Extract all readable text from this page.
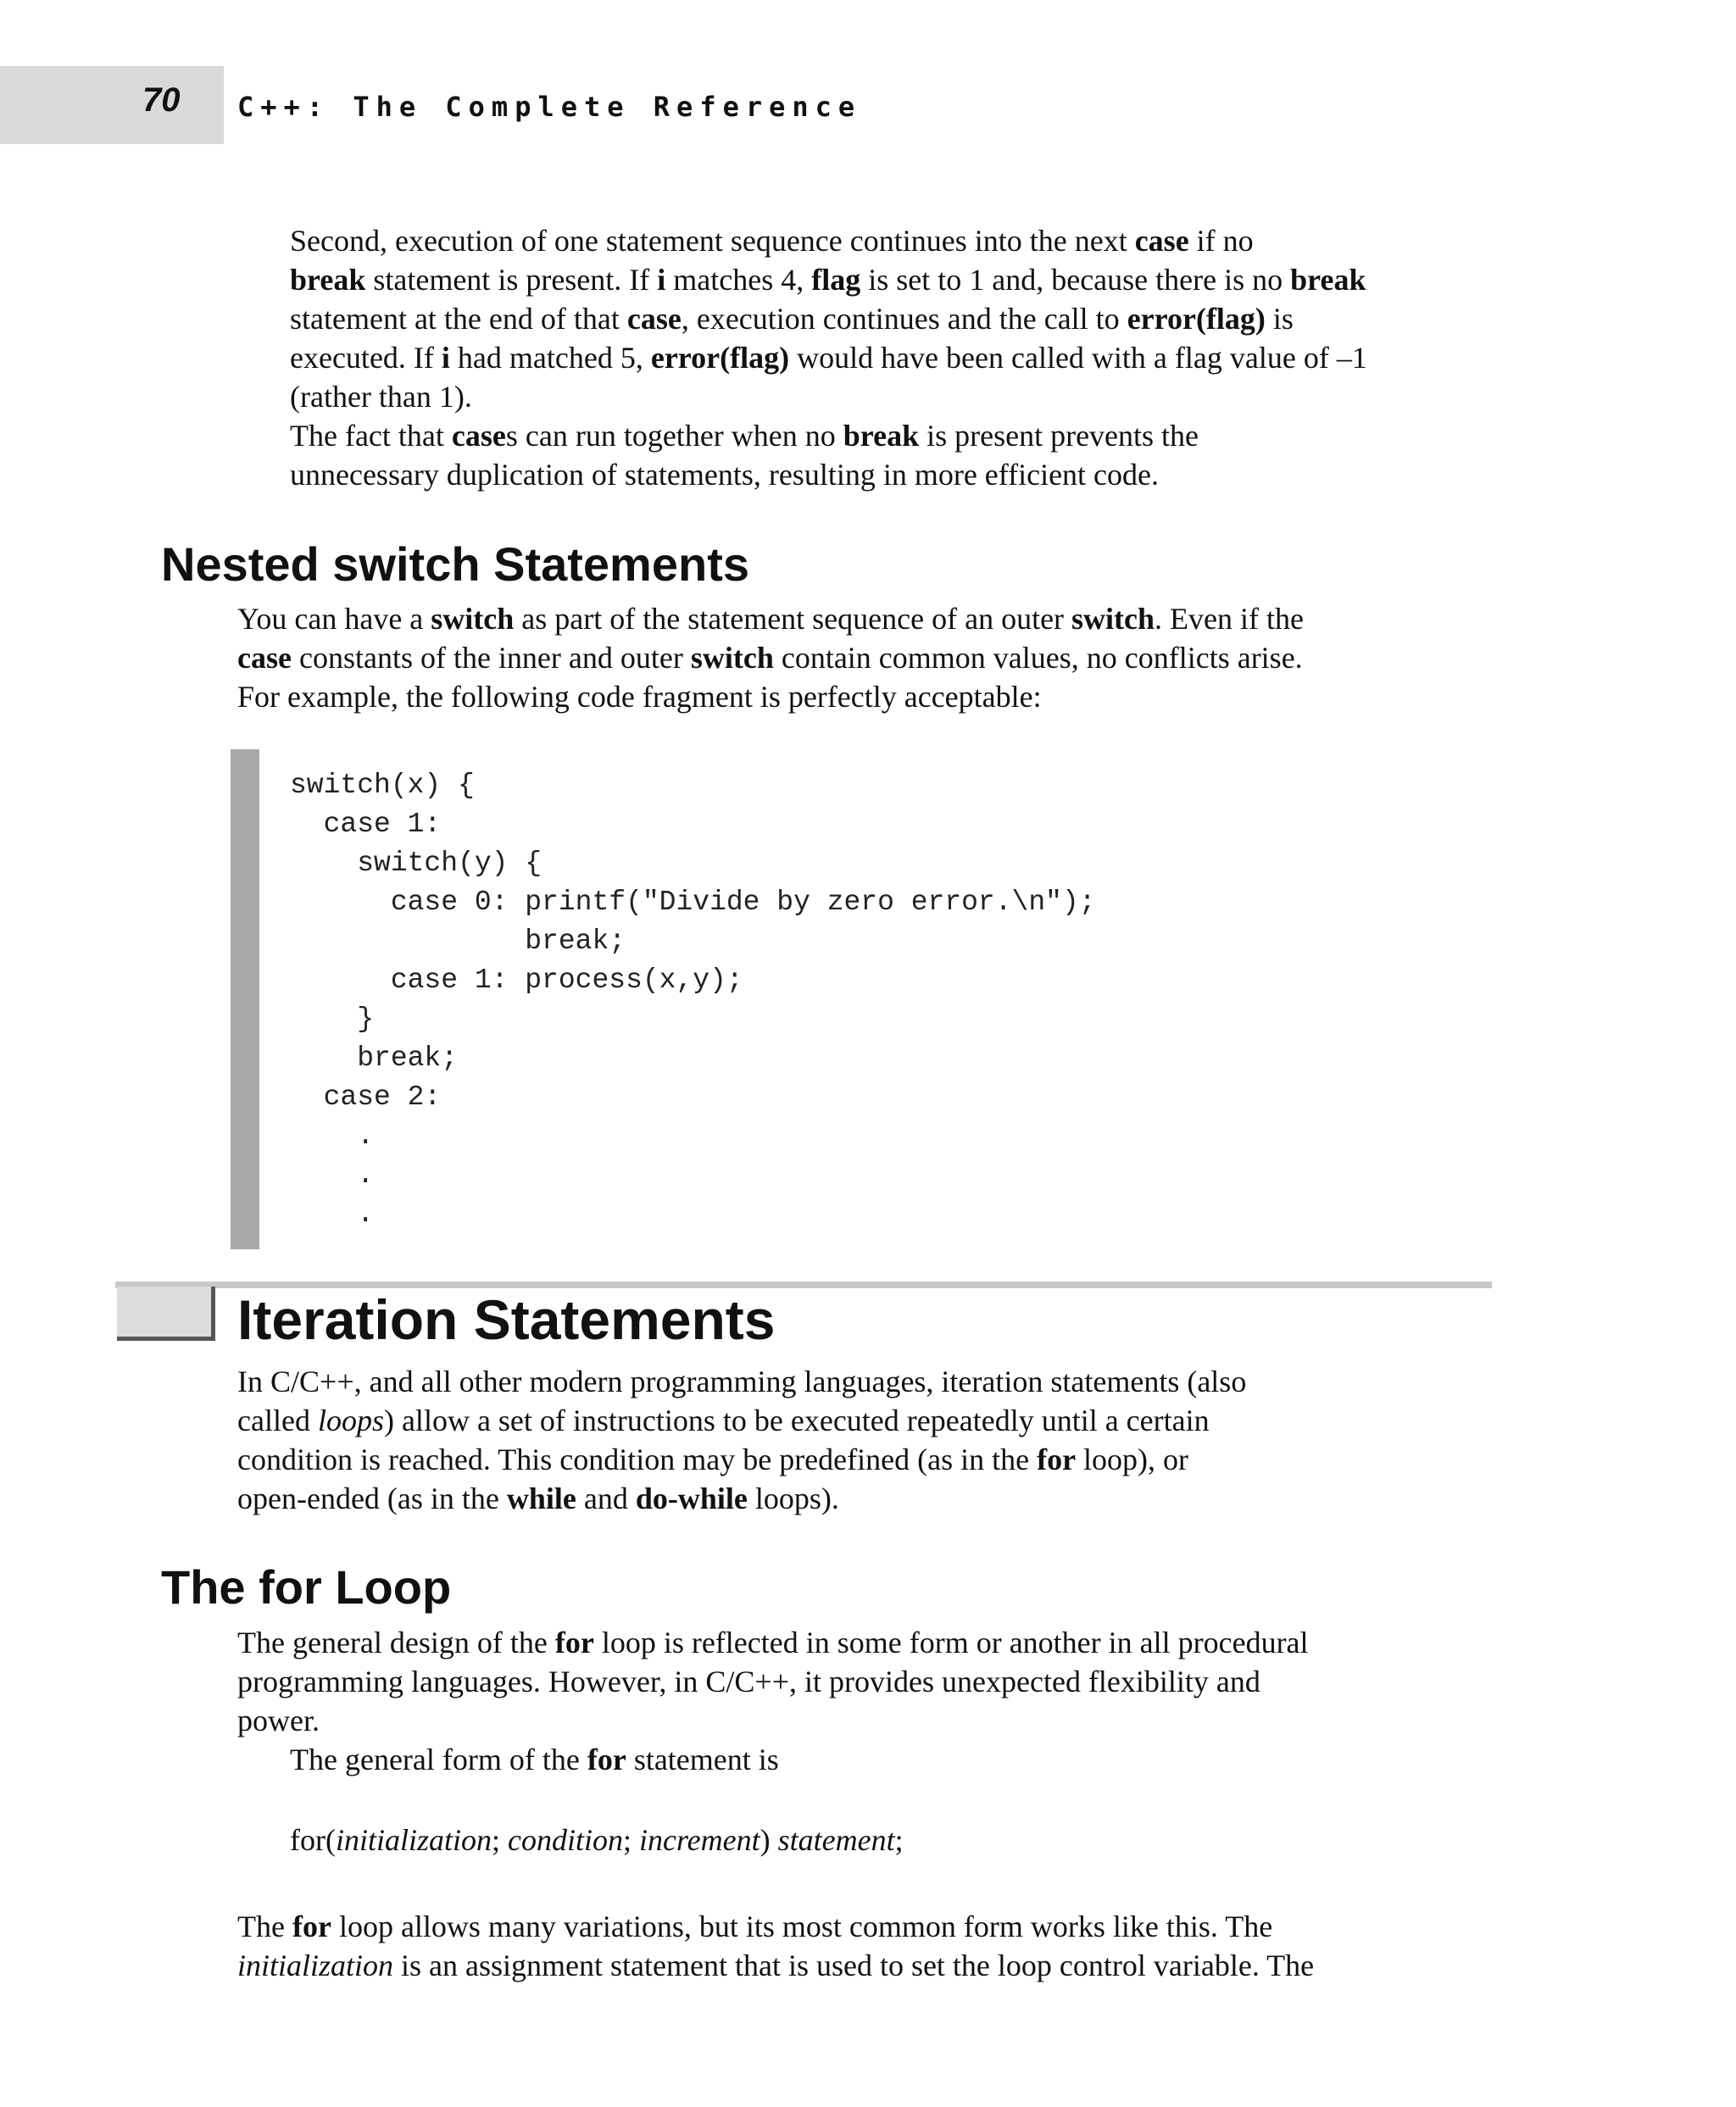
70 C++: The Complete Reference

Second, execution of one statement sequence continues into the next case if no
break statement is present. If i matches 4, flag is set to 1 and, because there is no break
statement at the end of that case, execution continues and the call to error(flag) is
executed. If i had matched 5, error(flag) would have been called with a flag value of –1
(rather than 1).

The fact that cases can run together when no break is present prevents the
unnecessary duplication of statements, resulting in more efficient code.

Nested switch Statements

You can have a switch as part of the statement sequence of an outer switch. Even if the
case constants of the inner and outer switch contain common values, no conflicts arise.
For example, the following code fragment is perfectly acceptable:

switch(x) {
case 1:
switch(y) {
case 0: printf("Divide by zero error.\n");
break;
case 1: process(x,y);
}
break;
case 2:
.
.
.
Iteration Statements

In C/C++, and all other modern programming languages, iteration statements (also
called loops) allow a set of instructions to be executed repeatedly until a certain
condition is reached. This condition may be predefined (as in the for loop), or
open-ended (as in the while and do-while loops).

The for Loop

The general design of the for loop is reflected in some form or another in all procedural
programming languages. However, in C/C++, it provides unexpected flexibility and
power.

The general form of the for statement is

for(initialization; condition; increment) statement;

The for loop allows many variations, but its most common form works like this. The
initialization is an assignment statement that is used to set the loop control variable. The
